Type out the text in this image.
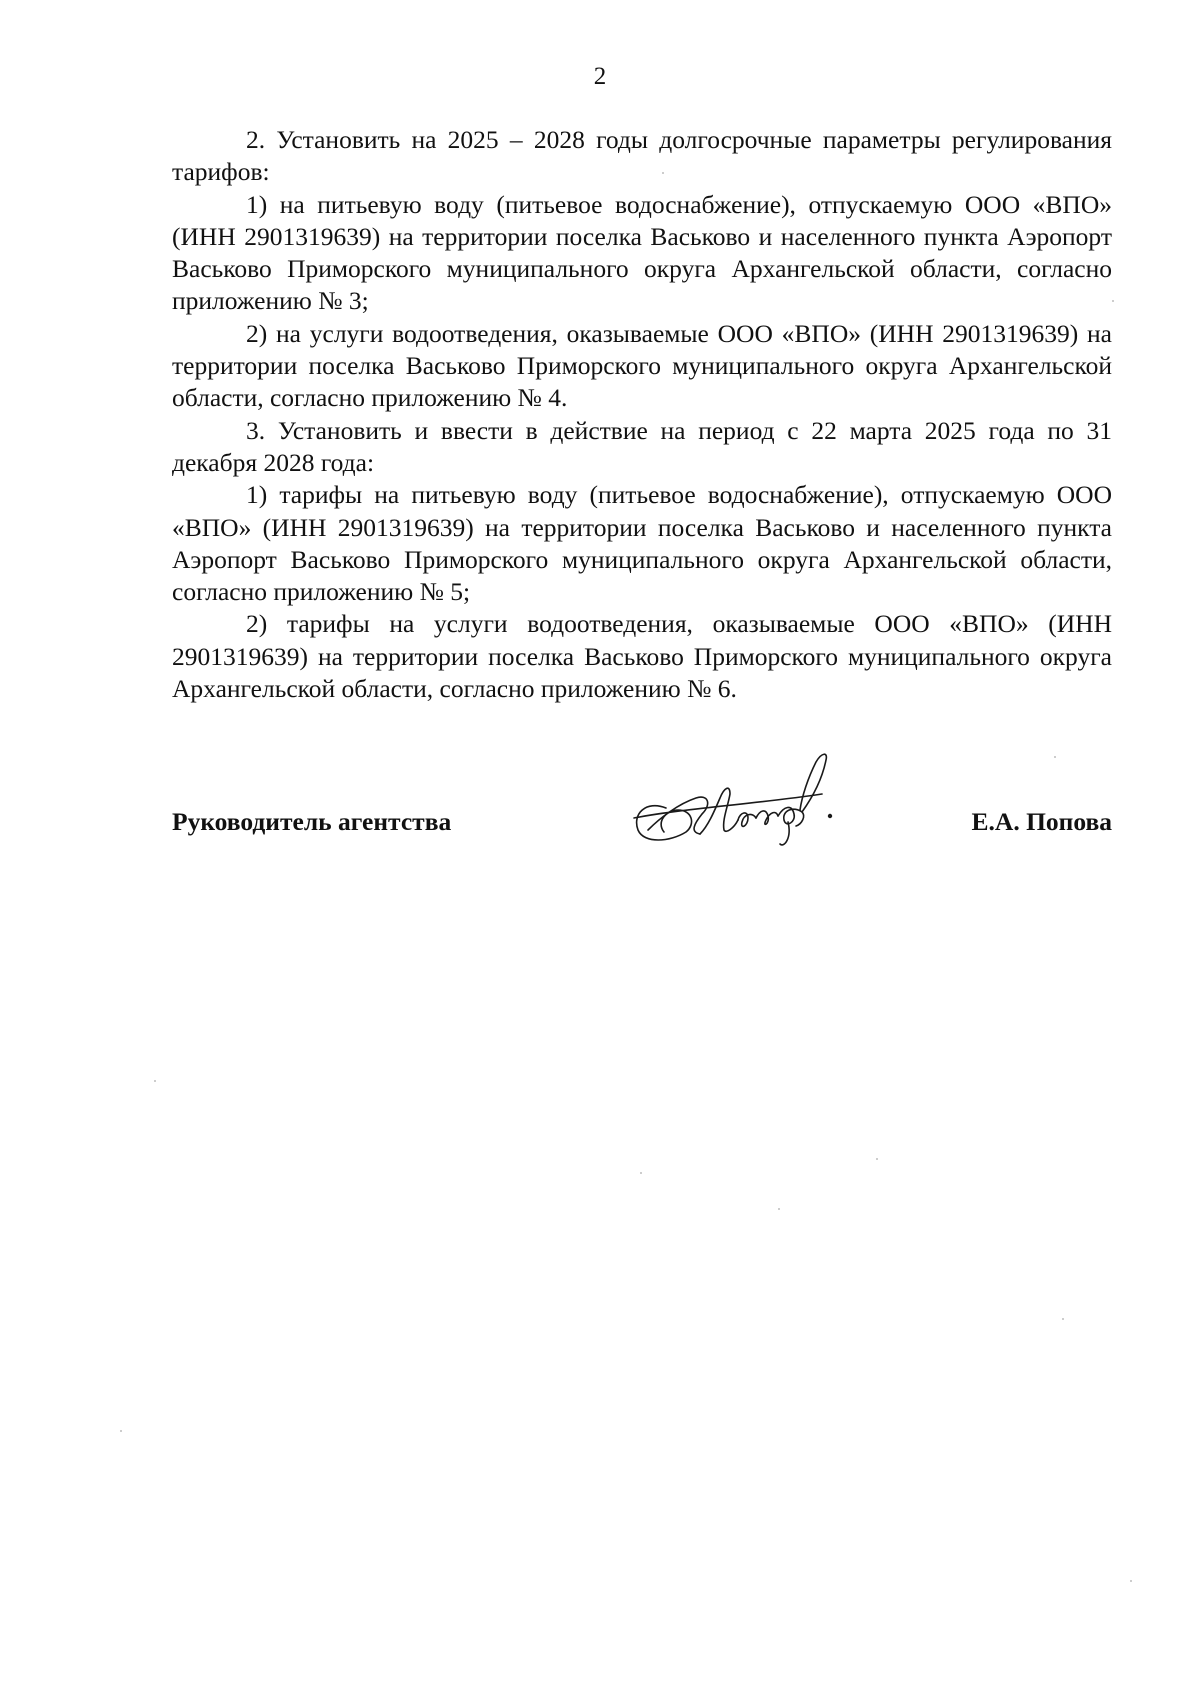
2

2. Установить на 2025 – 2028 годы долгосрочные параметры регулирования тарифов:

1) на питьевую воду (питьевое водоснабжение), отпускаемую ООО «ВПО» (ИНН 2901319639) на территории поселка Васьково и населенного пункта Аэропорт Васьково Приморского муниципального округа Архангельской области, согласно приложению № 3;

2) на услуги водоотведения, оказываемые ООО «ВПО» (ИНН 2901319639) на территории поселка Васьково Приморского муниципального округа Архангельской области, согласно приложению № 4.

3. Установить и ввести в действие на период с 22 марта 2025 года по 31 декабря 2028 года:

1) тарифы на питьевую воду (питьевое водоснабжение), отпускаемую ООО «ВПО» (ИНН 2901319639) на территории поселка Васьково и населенного пункта Аэропорт Васьково Приморского муниципального округа Архангельской области, согласно приложению № 5;

2) тарифы на услуги водоотведения, оказываемые ООО «ВПО» (ИНН 2901319639) на территории поселка Васьково Приморского муниципального округа Архангельской области, согласно приложению № 6.

Руководитель агентства	Е.А. Попова
